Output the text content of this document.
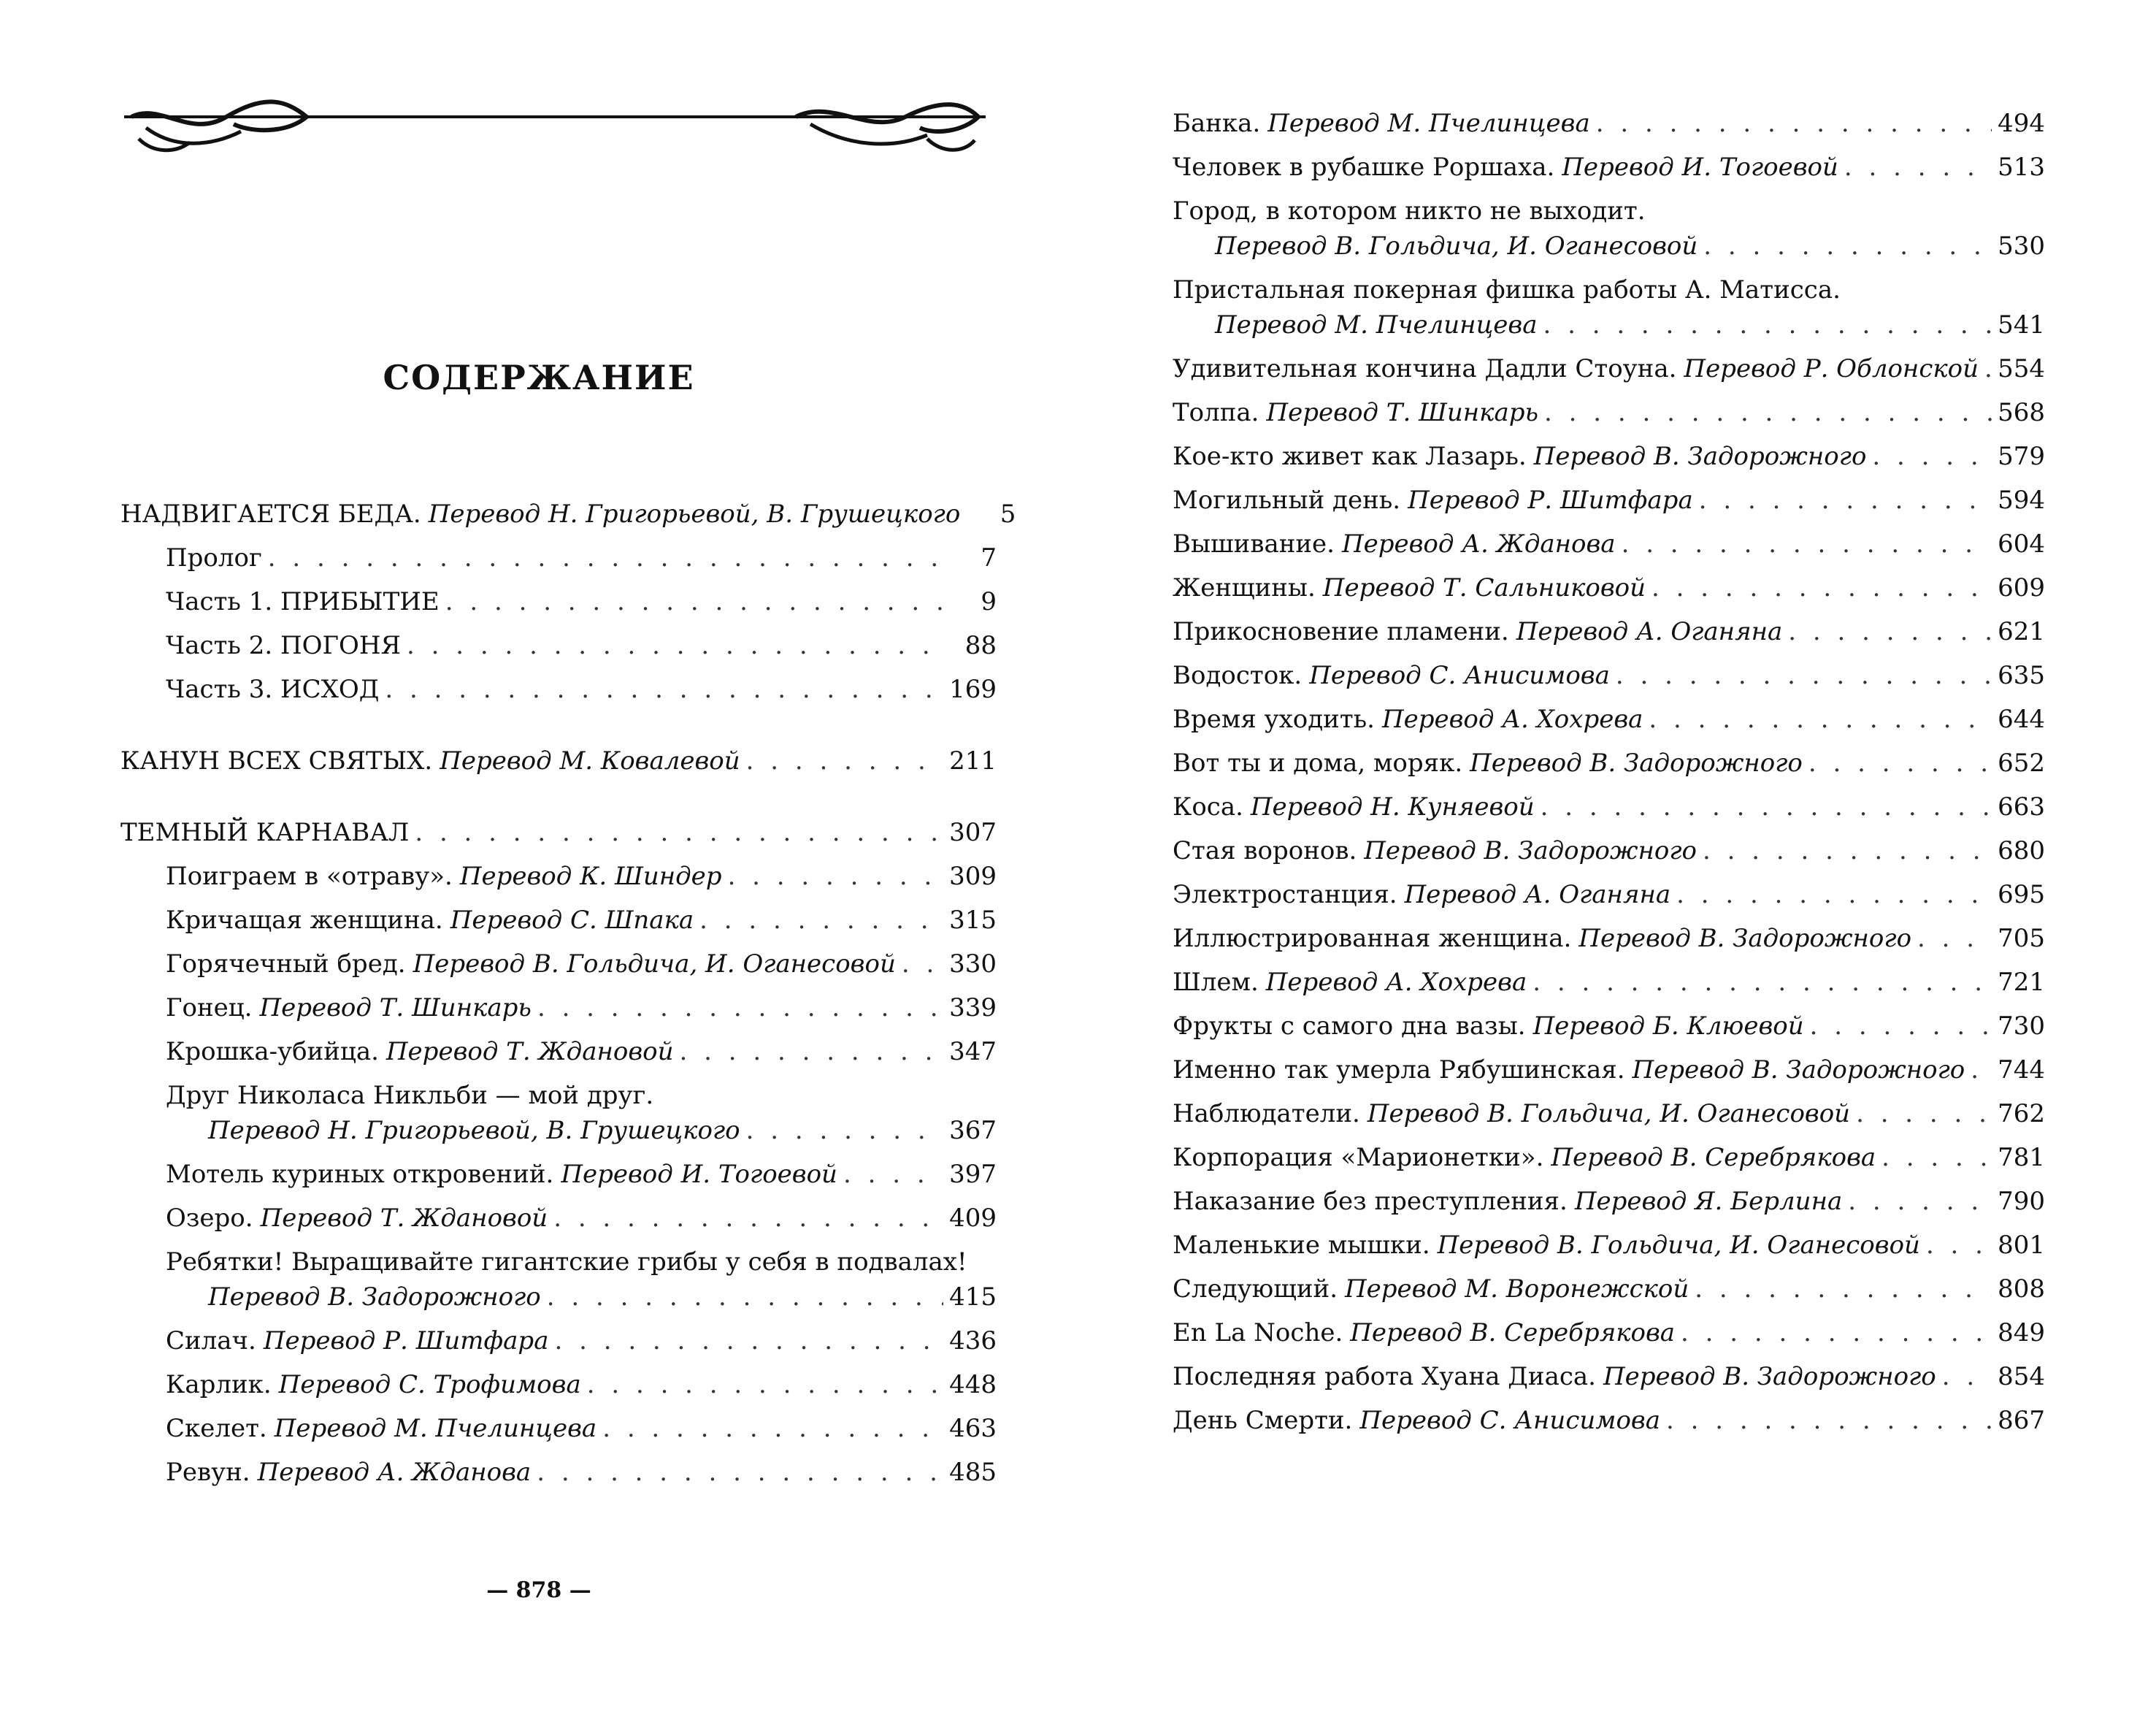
СОДЕРЖАНИЕ
НАДВИГАЕТСЯ БЕДА. Перевод Н. Григорьевой, В. Грушецкого	5
Пролог . . .	7
Часть 1. ПРИБЫТИЕ . . .	9
Часть 2. ПОГОНЯ . . .	88
Часть 3. ИСХОД . . .	169
КАНУН ВСЕХ СВЯТЫХ. Перевод М. Ковалевой . . .	211
ТЕМНЫЙ КАРНАВАЛ . . .	307
Поиграем в «отраву». Перевод К. Шиндер . . .	309
Кричащая женщина. Перевод С. Шпака . . .	315
Горячечный бред. Перевод В. Гольдича, И. Оганесовой . . . 330
Гонец. Перевод Т. Шинкарь . . .	339
Крошка-убийца. Перевод Т. Ждановой . . .	347
Друг Николаса Никльби — мой друг.
Перевод Н. Григорьевой, В. Грушецкого . . .	367
Мотель куриных откровений. Перевод И. Тогоевой . . .	397
Озеро. Перевод Т. Ждановой . . .	409
Ребятки! Выращивайте гигантские грибы у себя в подвалах!
Перевод В. Задорожного . . .	415
Силач. Перевод Р. Шитфара . . .	436
Карлик. Перевод С. Трофимова . . .	448
Скелет. Перевод М. Пчелинцева . . .	463
Ревун. Перевод А. Жданова . . .	485
— 878 —
Банка. Перевод М. Пчелинцева . . .	494
Человек в рубашке Роршаха. Перевод И. Тогоевой . . .	513
Город, в котором никто не выходит.
Перевод В. Гольдича, И. Оганесовой . . .	530
Пристальная покерная фишка работы А. Матисса.
Перевод М. Пчелинцева . . .	541
Удивительная кончина Дадли Стоуна. Перевод Р. Облонской . . . 554
Толпа. Перевод Т. Шинкарь . . .	568
Кое-кто живет как Лазарь. Перевод В. Задорожного . . .	579
Могильный день. Перевод Р. Шитфара . . .	594
Вышивание. Перевод А. Жданова . . .	604
Женщины. Перевод Т. Сальниковой . . .	609
Прикосновение пламени. Перевод А. Оганяна . . .	621
Водосток. Перевод С. Анисимова . . .	635
Время уходить. Перевод А. Хохрева . . .	644
Вот ты и дома, моряк. Перевод В. Задорожного . . .	652
Коса. Перевод Н. Куняевой . . .	663
Стая воронов. Перевод В. Задорожного . . .	680
Электростанция. Перевод А. Оганяна . . .	695
Иллюстрированная женщина. Перевод В. Задорожного . . .	705
Шлем. Перевод А. Хохрева . . .	721
Фрукты с самого дна вазы. Перевод Б. Клюевой . . .	730
Именно так умерла Рябушинская. Перевод В. Задорожного . . . 744
Наблюдатели. Перевод В. Гольдича, И. Оганесовой . . .	762
Корпорация «Марионетки». Перевод В. Серебрякова . . .	781
Наказание без преступления. Перевод Я. Берлина . . .	790
Маленькие мышки. Перевод В. Гольдича, И. Оганесовой . . .	801
Следующий. Перевод М. Воронежской . . .	808
En La Noche. Перевод В. Серебрякова . . .	849
Последняя работа Хуана Диаса. Перевод В. Задорожного . . . 854
День Смерти. Перевод С. Анисимова . . .	867
